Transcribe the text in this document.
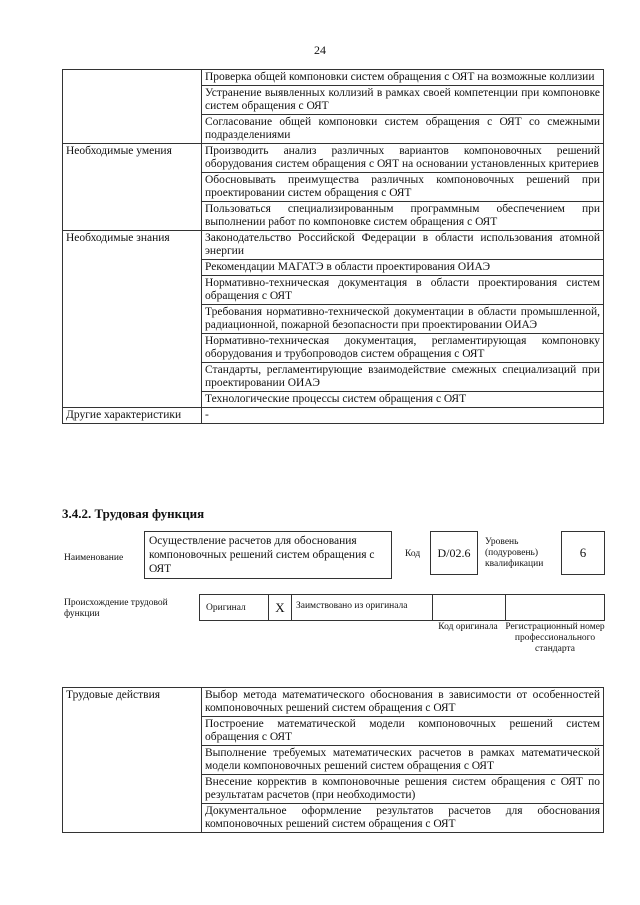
24
	Проверка общей компоновки систем обращения с ОЯТ на возможные коллизии
	Устранение выявленных коллизий в рамках своей компетенции при компоновке систем обращения с ОЯТ
	Согласование общей компоновки систем обращения с ОЯТ со смежными подразделениями
Необходимые умения	Производить анализ различных вариантов компоновочных решений оборудования систем обращения с ОЯТ на основании установленных критериев
	Обосновывать преимущества различных компоновочных решений при проектировании систем обращения с ОЯТ
	Пользоваться специализированным программным обеспечением при выполнении работ по компоновке систем обращения с ОЯТ
Необходимые знания	Законодательство Российской Федерации в области использования атомной энергии
	Рекомендации МАГАТЭ в области проектирования ОИАЭ
	Нормативно-техническая документация в области проектирования систем обращения с ОЯТ
	Требования нормативно-технической документации в области промышленной, радиационной, пожарной безопасности при проектировании ОИАЭ
	Нормативно-техническая документация, регламентирующая компоновку оборудования и трубопроводов систем обращения с ОЯТ
	Стандарты, регламентирующие взаимодействие смежных специализаций при проектировании ОИАЭ
	Технологические процессы систем обращения с ОЯТ
Другие характеристики	-
3.4.2. Трудовая функция
Наименование
Осуществление расчетов для обоснования компоновочных решений систем обращения с ОЯТ
Код	D/02.6
Уровень (подуровень) квалификации
6
Происхождение трудовой функции
Оригинал	X	Заимствовано из оригинала
Код оригинала Регистрационный номер профессионального стандарта
Трудовые действия	Выбор метода математического обоснования в зависимости от особенностей компоновочных решений систем обращения с ОЯТ
Построение математической модели компоновочных решений систем обращения с ОЯТ
Выполнение требуемых математических расчетов в рамках математической модели компоновочных решений систем обращения с ОЯТ
Внесение корректив в компоновочные решения систем обращения с ОЯТ по результатам расчетов (при необходимости)
Документальное оформление результатов расчетов для обоснования компоновочных решений систем обращения с ОЯТ
